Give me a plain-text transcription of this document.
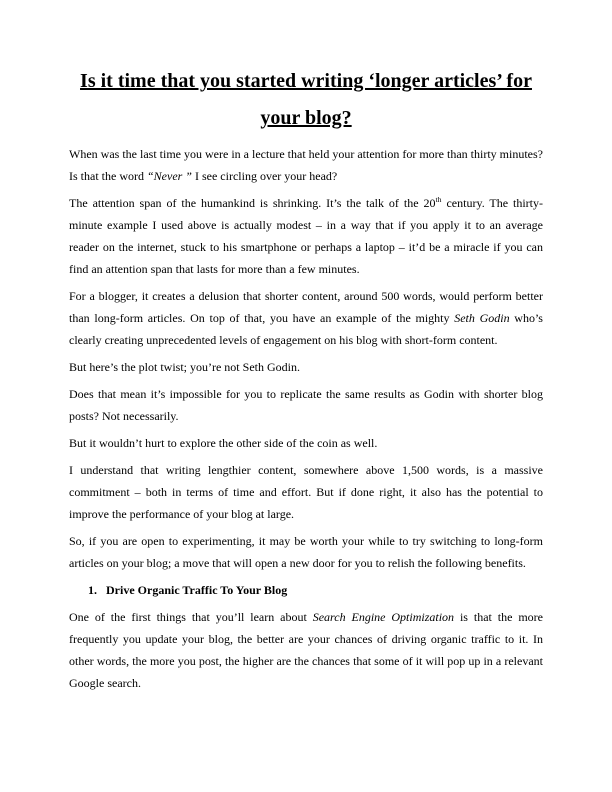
Is it time that you started writing ‘longer articles’ for your blog?

When was the last time you were in a lecture that held your attention for more than thirty minutes? Is that the word “Never ” I see circling over your head?

The attention span of the humankind is shrinking. It’s the talk of the 20th century. The thirty-minute example I used above is actually modest – in a way that if you apply it to an average reader on the internet, stuck to his smartphone or perhaps a laptop – it’d be a miracle if you can find an attention span that lasts for more than a few minutes.

For a blogger, it creates a delusion that shorter content, around 500 words, would perform better than long-form articles. On top of that, you have an example of the mighty Seth Godin who’s clearly creating unprecedented levels of engagement on his blog with short-form content.

But here’s the plot twist; you’re not Seth Godin.

Does that mean it’s impossible for you to replicate the same results as Godin with shorter blog posts? Not necessarily.

But it wouldn’t hurt to explore the other side of the coin as well.

I understand that writing lengthier content, somewhere above 1,500 words, is a massive commitment – both in terms of time and effort. But if done right, it also has the potential to improve the performance of your blog at large.

So, if you are open to experimenting, it may be worth your while to try switching to long-form articles on your blog; a move that will open a new door for you to relish the following benefits.

1. Drive Organic Traffic To Your Blog

One of the first things that you’ll learn about Search Engine Optimization is that the more frequently you update your blog, the better are your chances of driving organic traffic to it. In other words, the more you post, the higher are the chances that some of it will pop up in a relevant Google search.
